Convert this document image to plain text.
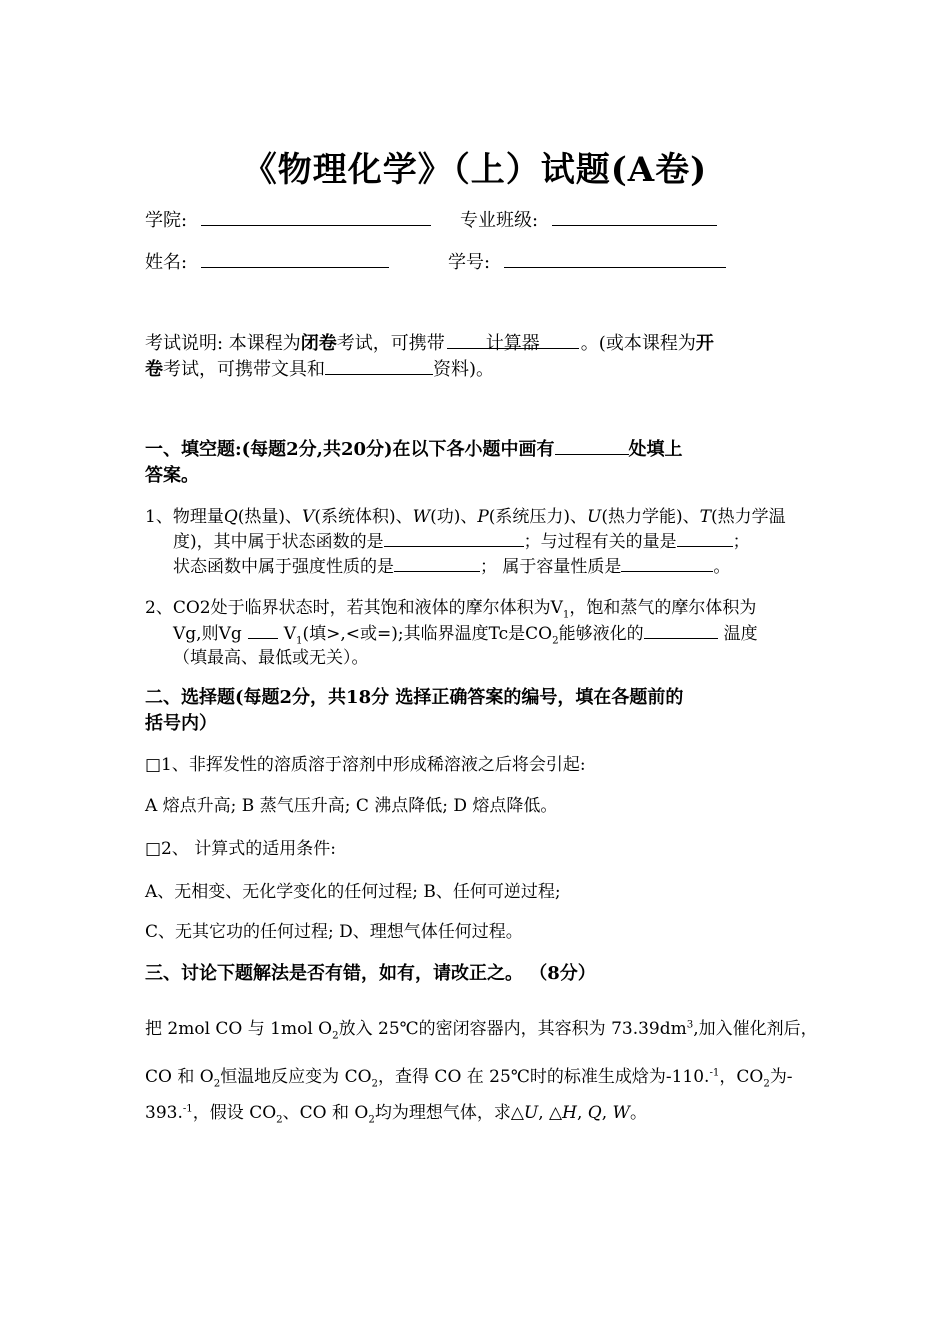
《物理化学》（上）试题(A卷)
学院:	专业班级:
姓名:	学号:
考试说明: 本课程为闭卷考试，可携带 计算器 。(或本课程为开
卷考试，可携带文具和	资料)。
一、填空题:(每题2分,共20分)在以下各小题中画有	处填上
答案。
1、物理量Q(热量)、V(系统体积)、W(功)、P(系统压力)、U(热力学能)、T(热力学温
度)，其中属于状态函数的是	；与过程有关的量是	；
状态函数中属于强度性质的是	； 属于容量性质是	。
2、CO2处于临界状态时，若其饱和液体的摩尔体积为$V_1$，饱和蒸气的摩尔体积为
Vg,则Vg $V_1$(填>,<或=);其临界温度Tc是$CO_2$能够液化的	温度
（填最高、最低或无关）。
二、选择题(每题2分，共18分 选择正确答案的编号，填在各题前的
括号内）
□1、非挥发性的溶质溶于溶剂中形成稀溶液之后将会引起:
A 熔点升高; B 蒸气压升高; C 沸点降低; D 熔点降低。
□2、 计算式的适用条件:
A、无相变、无化学变化的任何过程; B、任何可逆过程;
C、无其它功的任何过程; D、理想气体任何过程。
三、讨论下题解法是否有错，如有，请改正之。 （8分）
把 2mol CO 与 1mol $O_2$放入 25℃的密闭容器内，其容积为 $73.39dm^3$,加入催化剂后，
CO 和 $O_2$恒温地反应变为 $CO_2$，查得 CO 在 25℃时的标准生成焓为-110.$^{-1}$，$CO_2$为-
393.$^{-1}$，假设 $CO_2$、CO 和 $O_2$均为理想气体，求△U, △H, Q, W。
